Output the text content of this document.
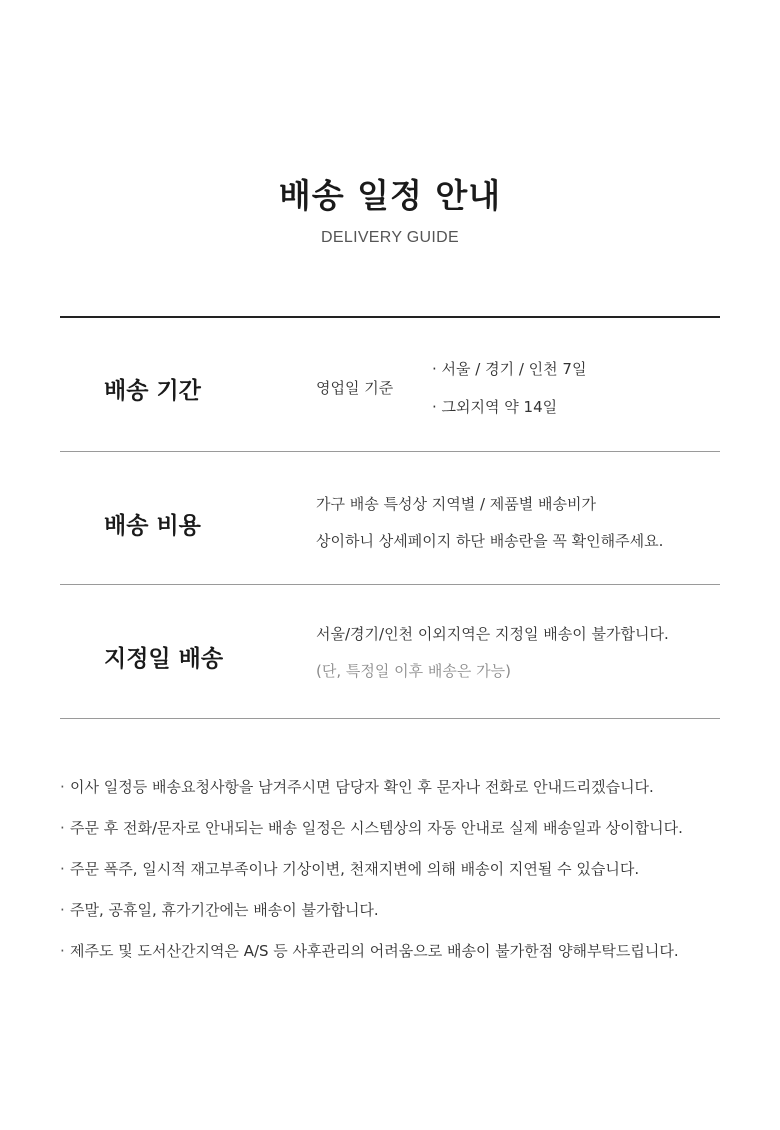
배송 일정 안내
DELIVERY GUIDE
배송 기간	영업일 기준
· 서울 / 경기 / 인천 7일
· 그외지역 약 14일
배송 비용
가구 배송 특성상 지역별 / 제품별 배송비가
상이하니 상세페이지 하단 배송란을 꼭 확인해주세요.
지정일 배송
서울/경기/인천 이외지역은 지정일 배송이 불가합니다.
(단, 특정일 이후 배송은 가능)
· 이사 일정등 배송요청사항을 남겨주시면 담당자 확인 후 문자나 전화로 안내드리겠습니다.
· 주문 후 전화/문자로 안내되는 배송 일정은 시스템상의 자동 안내로 실제 배송일과 상이합니다.
· 주문 폭주, 일시적 재고부족이나 기상이변, 천재지변에 의해 배송이 지연될 수 있습니다.
· 주말, 공휴일, 휴가기간에는 배송이 불가합니다.
· 제주도 및 도서산간지역은 A/S 등 사후관리의 어려움으로 배송이 불가한점 양해부탁드립니다.
